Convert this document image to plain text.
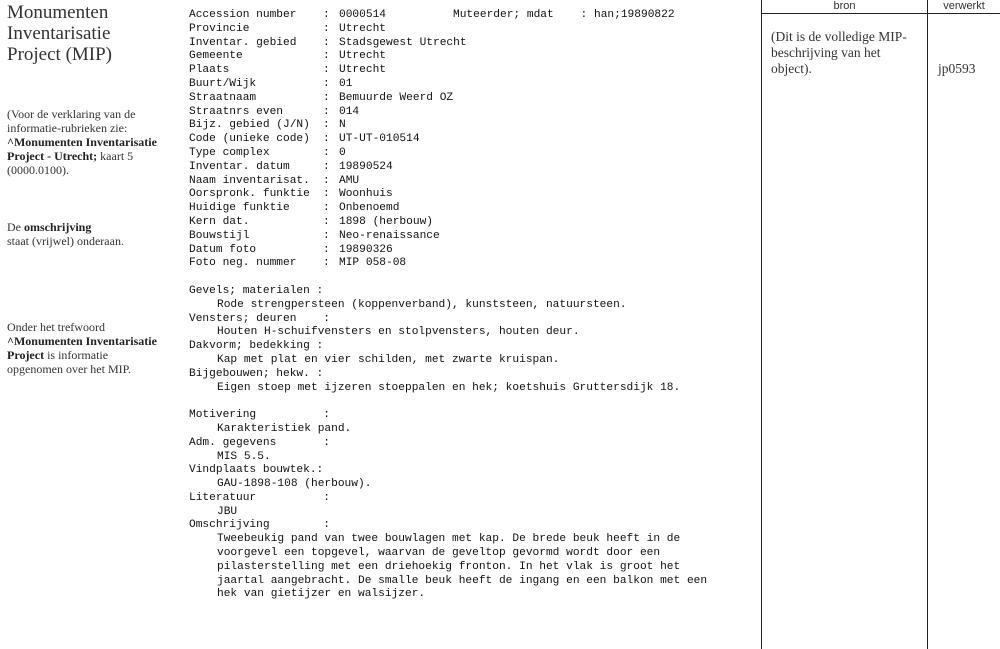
Monumenten Inventarisatie Project (MIP)
(Voor de verklaring van de informatie-rubrieken zie: ^Monumenten Inventarisatie Project - Utrecht; kaart 5 (0000.0100).
De omschrijving
staat (vrijwel) onderaan.
Onder het trefwoord
^Monumenten Inventarisatie Project is informatie opgenomen over het MIP.
Muteerder; mdat    : han;19890822
Accession number	: 0000514
Provincie	: Utrecht
Inventar. gebied	: Stadsgewest Utrecht
Gemeente	: Utrecht
Plaats	: Utrecht
Buurt/Wijk	: 01
Straatnaam	: Bemuurde Weerd OZ
Straatnrs even	: 014
Bijz. gebied (J/N)	: N
Code (unieke code)	: UT-UT-010514
Type complex	: 0
Inventar. datum	: 19890524
Naam inventarisat.	: AMU
Oorspronk. funktie	: Woonhuis
Huidige funktie	: Onbenoemd
Kern dat.	: 1898 (herbouw)
Bouwstijl	: Neo-renaissance
Datum foto	: 19890326
Foto neg. nummer	: MIP 058-08
Gevels; materialen :
Rode strengpersteen (koppenverband), kunststeen, natuursteen.
Vensters; deuren    :
Houten H-schuifvensters en stolpvensters, houten deur.
Dakvorm; bedekking :
Kap met plat en vier schilden, met zwarte kruispan.
Bijgebouwen; hekw. :
Eigen stoep met ijzeren stoeppalen en hek; koetshuis Gruttersdijk 18.
Motivering          :
Karakteristiek pand.
Adm. gegevens       :
MIS 5.5.
Vindplaats bouwtek.:
GAU-1898-108 (herbouw).
Literatuur          :
JBU
Omschrijving        :
Tweebeukig pand van twee bouwlagen met kap. De brede beuk heeft in de
voorgevel een topgevel, waarvan de geveltop gevormd wordt door een
pilasterstelling met een driehoekig fronton. In het vlak is groot het
jaartal aangebracht. De smalle beuk heeft de ingang en een balkon met een
hek van gietijzer en walsijzer.
bron	verwerkt
(Dit is de volledige MIP-beschrijving van het object).	jp0593
